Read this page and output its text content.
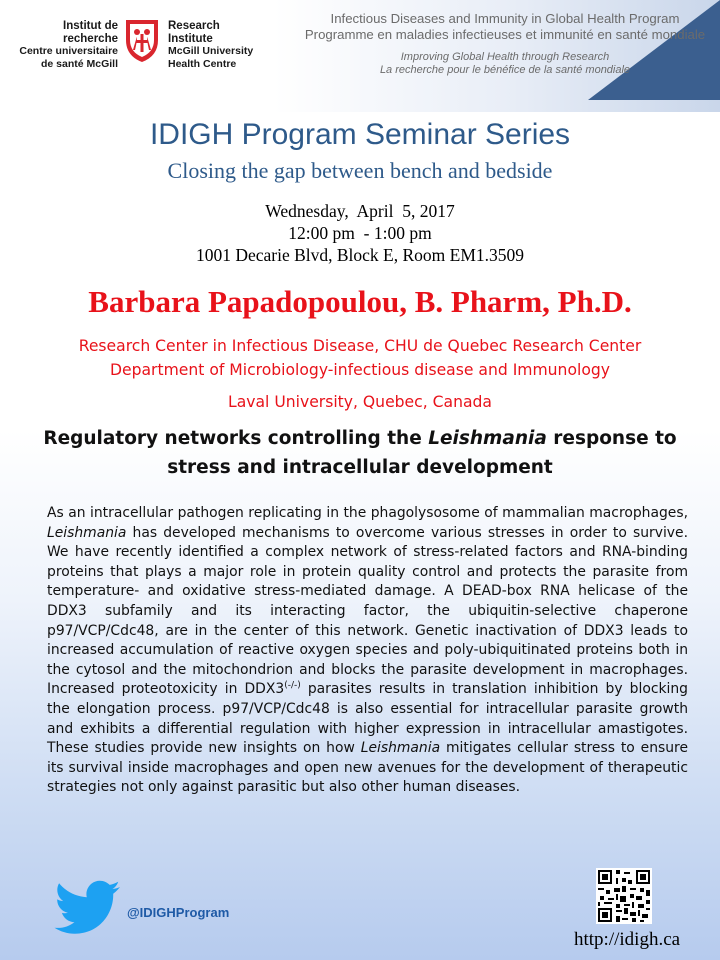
Institut de
recherche
Centre universitaire
de santé McGill
Research
Institute
McGill University
Health Centre
Infectious Diseases and Immunity in Global Health Program
Programme en maladies infectieuses et immunité en santé mondiale
Improving Global Health through Research
La recherche pour le bénéfice de la santé mondiale
IDIGH Program Seminar Series
Closing the gap between bench and bedside
Wednesday,  April  5, 2017
12:00 pm  - 1:00 pm
1001 Decarie Blvd, Block E, Room EM1.3509
Barbara Papadopoulou, B. Pharm, Ph.D.
Research Center in Infectious Disease, CHU de Quebec Research Center
Department of Microbiology-infectious disease and Immunology
Laval University, Quebec, Canada
Regulatory networks controlling the Leishmania response to stress and intracellular development
As an intracellular pathogen replicating in the phagolysosome of mammalian macrophages, Leishmania has developed mechanisms to overcome various stresses in order to survive. We have recently identified a complex network of stress-related factors and RNA-binding proteins that plays a major role in protein quality control and protects the parasite from temperature- and oxidative stress-mediated damage. A DEAD-box RNA helicase of the DDX3 subfamily and its interacting factor, the ubiquitin-selective chaperone p97/VCP/Cdc48, are in the center of this network. Genetic inactivation of DDX3 leads to increased accumulation of reactive oxygen species and poly-ubiquitinated proteins both in the cytosol and the mitochondrion and blocks the parasite development in macrophages. Increased proteotoxicity in DDX3(-/-) parasites results in translation inhibition by blocking the elongation process. p97/VCP/Cdc48 is also essential for intracellular parasite growth and exhibits a differential regulation with higher expression in intracellular amastigotes. These studies provide new insights on how Leishmania mitigates cellular stress to ensure its survival inside macrophages and open new avenues for the development of therapeutic strategies not only against parasitic but also other human diseases.
@IDIGHProgram
http://idigh.ca
